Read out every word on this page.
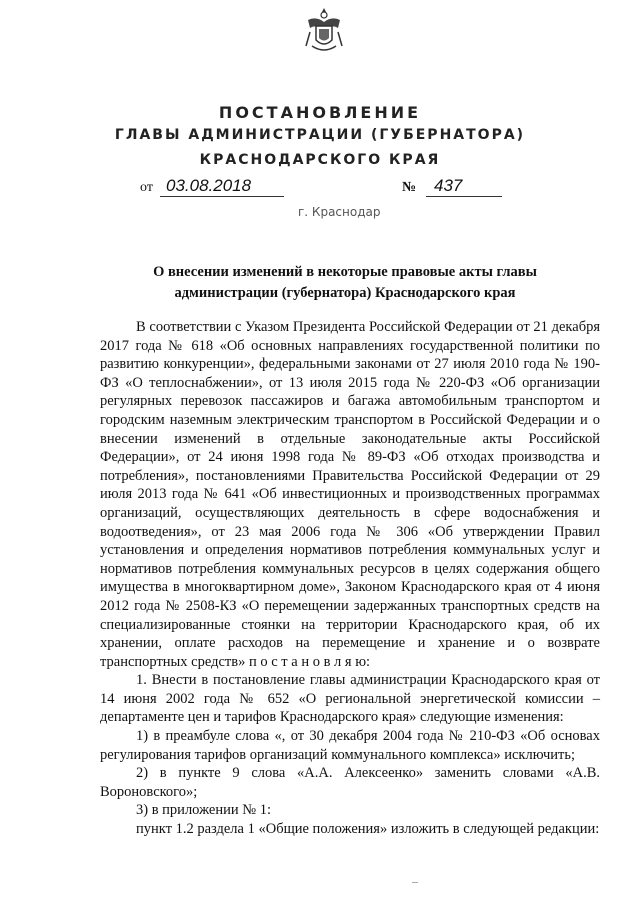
ПОСТАНОВЛЕНИЕ
ГЛАВЫ АДМИНИСТРАЦИИ (ГУБЕРНАТОРА)
КРАСНОДАРСКОГО КРАЯ
от 03.08.2018	№	437
г. Краснодар
О внесении изменений в некоторые правовые акты главы администрации (губернатора) Краснодарского края

В соответствии с Указом Президента Российской Федерации от 21 декабря 2017 года № 618 «Об основных направлениях государственной политики по развитию конкуренции», федеральными законами от 27 июля 2010 года № 190-ФЗ «О теплоснабжении», от 13 июля 2015 года № 220-ФЗ «Об организации регулярных перевозок пассажиров и багажа автомобильным транспортом и городским наземным электрическим транспортом в Российской Федерации и о внесении изменений в отдельные законодательные акты Российской Федерации», от 24 июня 1998 года № 89-ФЗ «Об отходах производства и потребления», постановлениями Правительства Российской Федерации от 29 июля 2013 года № 641 «Об инвестиционных и производственных программах организаций, осуществляющих деятельность в сфере водоснабжения и водоотведения», от 23 мая 2006 года № 306 «Об утверждении Правил установления и определения нормативов потребления коммунальных услуг и нормативов потребления коммунальных ресурсов в целях содержания общего имущества в многоквартирном доме», Законом Краснодарского края от 4 июня 2012 года № 2508-КЗ «О перемещении задержанных транспортных средств на специализированные стоянки на территории Краснодарского края, об их хранении, оплате расходов на перемещение и хранение и о возврате транспортных средств» п о с т а н о в л я ю:

1. Внести в постановление главы администрации Краснодарского края от 14 июня 2002 года № 652 «О региональной энергетической комиссии – департаменте цен и тарифов Краснодарского края» следующие изменения:

1) в преамбуле слова «, от 30 декабря 2004 года № 210-ФЗ «Об основах регулирования тарифов организаций коммунального комплекса» исключить;

2) в пункте 9 слова «А.А. Алексеенко» заменить словами «А.В. Вороновского»;

3) в приложении № 1:

пункт 1.2 раздела 1 «Общие положения» изложить в следующей редакции:
